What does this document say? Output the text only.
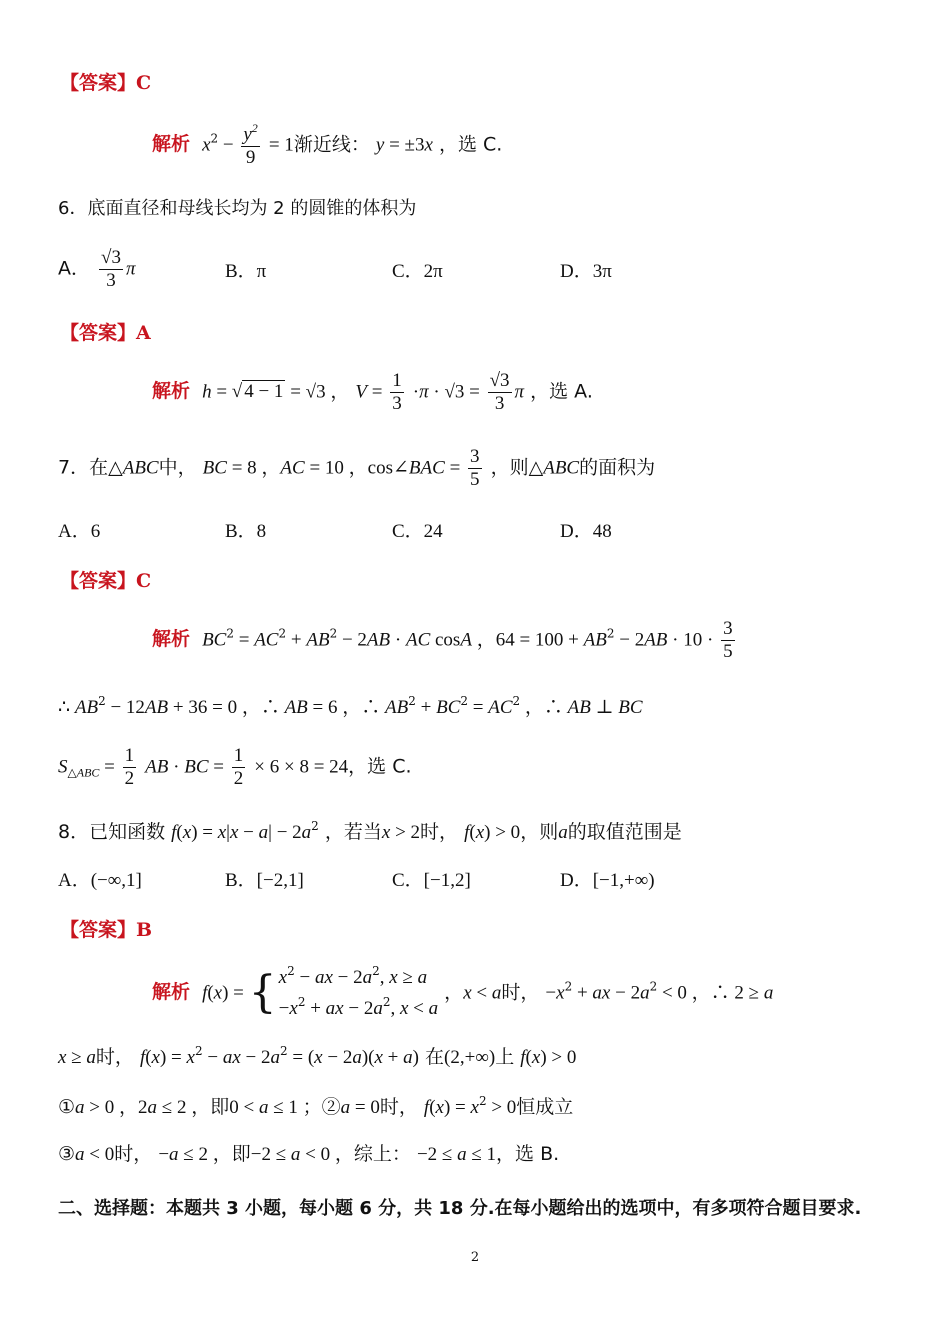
【答案】C
解析 $x^2 - \frac{y^2}{9} = 1$渐近线： y = ±3x ，选 C.
6．底面直径和母线长均为 2 的圆锥的体积为
A． $\frac{√3}{3}$ π	B．π	C．2π	D．3π
【答案】A
解析 h = √ 4 − 1 = √3 ， $V = \frac{1}{3} \cdot\pi \cdot √3 = \frac{√3}{3}$ π ，选 A.
7．在△ABC中， BC = 8 ，AC = 10 ，cos∠BAC = $\frac{3}{5}$ ，则△ABC的面积为
A．6	B．8	C．24	D．48
【答案】C
解析 $BC^2 = AC^2 + AB^2 - 2AB$ · AC cosA ，$64 = 100 + AB^2 - 2AB \cdot 10 \cdot \frac{3}{5}$
∴ $AB^2 - 12AB + 36 = 0$ ，∴ AB = 6 ，∴ $AB^2 + BC^2 = AC^2$ ，∴ AB ⊥ BC
$S_{\triangle ABC} = \frac{1}{2}$ AB · BC = $\frac{1}{2} \times 6 \times 8 = 24$，选 C.
8．已知函数 $f(x) = x|x - a| - 2a^2$ ，若当x > 2时， f(x) > 0，则a的取值范围是
A．(−∞,1]	B．[−2,1]	C．[−1,2]	D．[−1,+∞)
【答案】B
解析 f(x) = { $x^2$ − ax − $2a^2$, x ≥ a
$-x^2$ + ax − $2a^2$, x < a
，x < a时， $-x^2$ + ax − $2a^2 < 0$ ，∴ 2 ≥ a
x ≥ a时， $f(x) = x^2$ − ax − $2a^2 = (x - 2a)(x + a)$ 在(2,+∞)上 f(x) > 0
①a > 0 ，2a ≤ 2 ，即0 < a ≤ 1 ；②a = 0时， $f(x) = x^2 > 0$恒成立
③a < 0时， −a ≤ 2 ，即−2 ≤ a < 0 ，综上： −2 ≤ a ≤ 1，选 B.
二、选择题：本题共 3 小题，每小题 6 分，共 18 分.在每小题给出的选项中，有多项符合题目要求.
2
